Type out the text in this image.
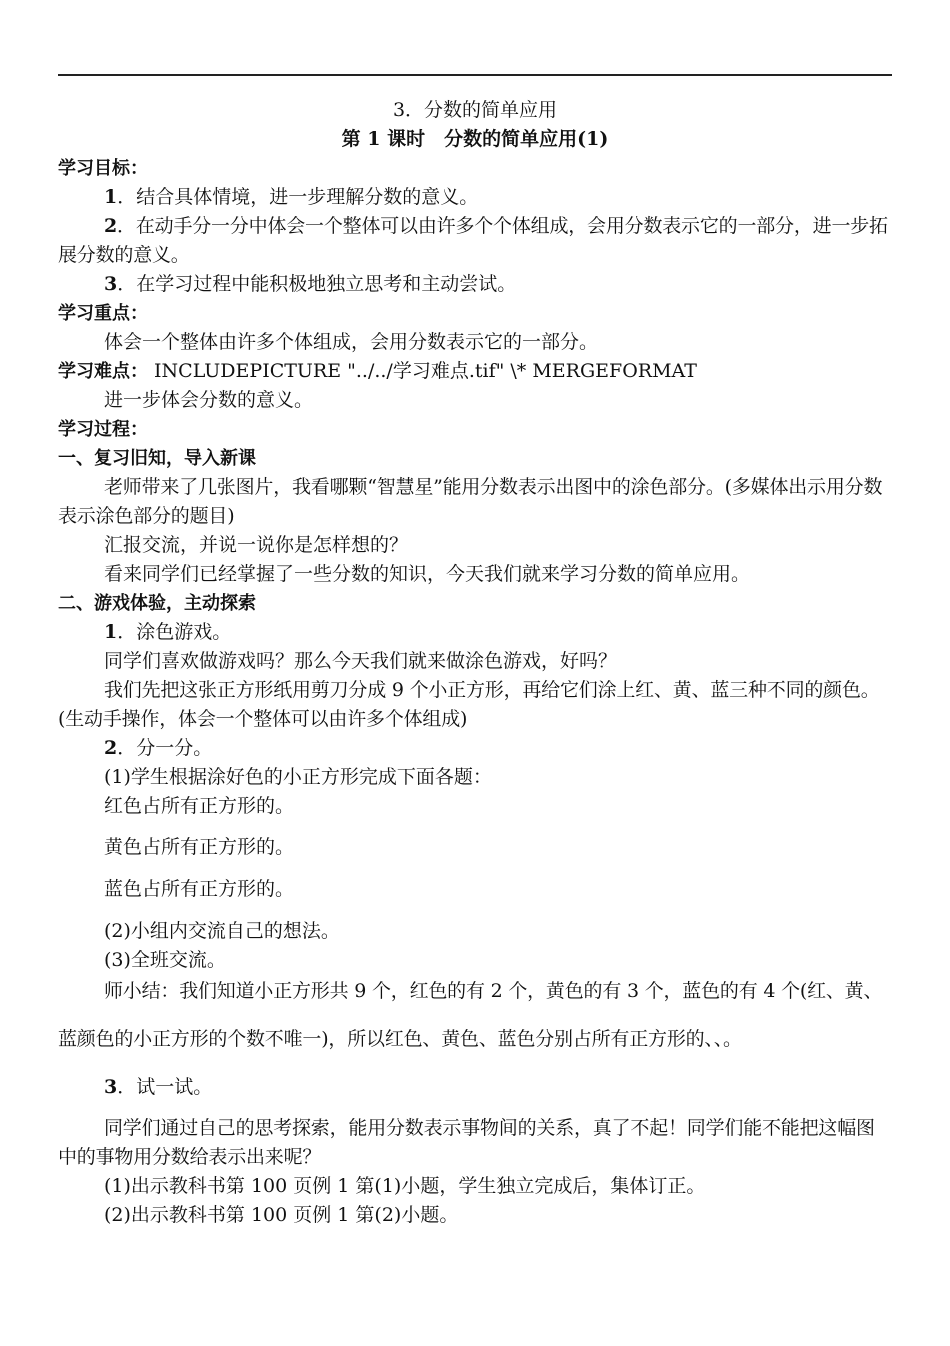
3．分数的简单应用

第 1 课时　分数的简单应用(1)

学习目标：

1．结合具体情境，进一步理解分数的意义。

2．在动手分一分中体会一个整体可以由许多个个体组成，会用分数表示它的一部分，进一步拓展分数的意义。

3．在学习过程中能积极地独立思考和主动尝试。

学习重点：

体会一个整体由许多个体组成，会用分数表示它的一部分。

学习难点： INCLUDEPICTURE "../../学习难点.tif" \* MERGEFORMAT

进一步体会分数的意义。

学习过程：

一、复习旧知，导入新课

老师带来了几张图片，我看哪颗“智慧星”能用分数表示出图中的涂色部分。(多媒体出示用分数表示涂色部分的题目)

汇报交流，并说一说你是怎样想的？

看来同学们已经掌握了一些分数的知识，今天我们就来学习分数的简单应用。

二、游戏体验，主动探索

1．涂色游戏。

同学们喜欢做游戏吗？那么今天我们就来做涂色游戏，好吗？

我们先把这张正方形纸用剪刀分成 9 个小正方形，再给它们涂上红、黄、蓝三种不同的颜色。(生动手操作，体会一个整体可以由许多个体组成)

2．分一分。

(1)学生根据涂好色的小正方形完成下面各题：

红色占所有正方形的。

黄色占所有正方形的。

蓝色占所有正方形的。

(2)小组内交流自己的想法。

(3)全班交流。

师小结：我们知道小正方形共 9 个，红色的有 2 个，黄色的有 3 个，蓝色的有 4 个(红、黄、蓝颜色的小正方形的个数不唯一)，所以红色、黄色、蓝色分别占所有正方形的、、。

3．试一试。

同学们通过自己的思考探索，能用分数表示事物间的关系，真了不起！同学们能不能把这幅图中的事物用分数给表示出来呢？

(1)出示教科书第 100 页例 1 第(1)小题，学生独立完成后，集体订正。

(2)出示教科书第 100 页例 1 第(2)小题。
